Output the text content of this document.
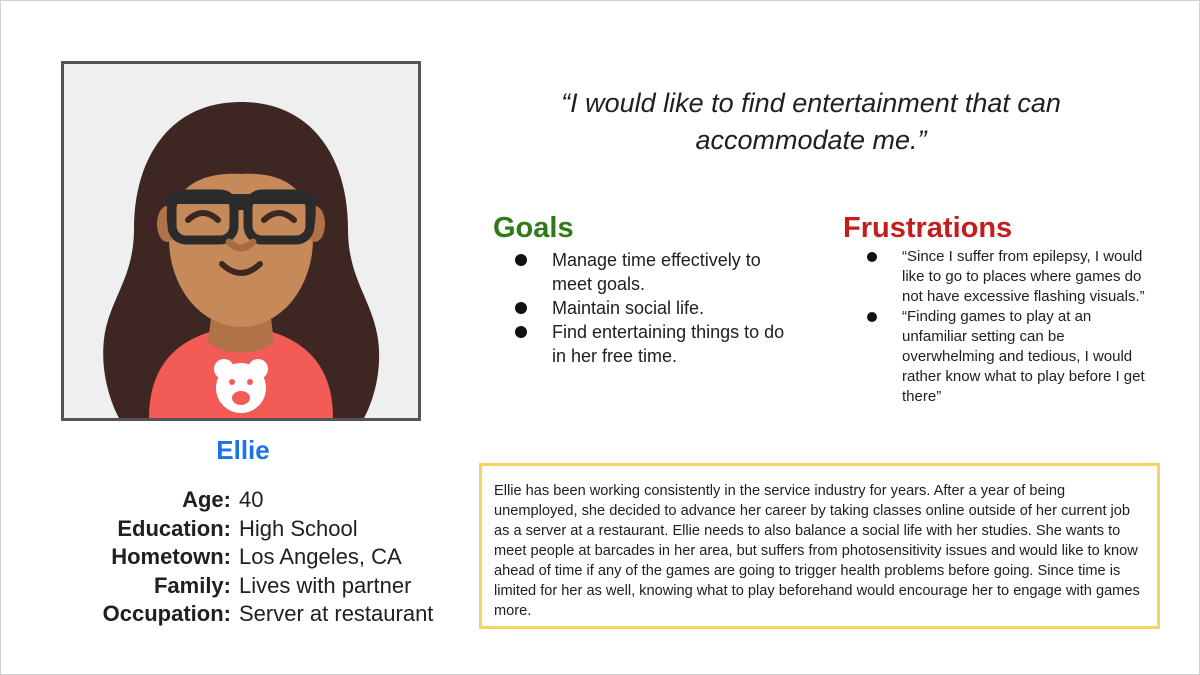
Ellie
Age:	40
Education:	High School
Hometown:	Los Angeles, CA
Family:	Lives with partner
Occupation:	Server at restaurant
“I would like to find entertainment that can accommodate me.”
Goals
Manage time effectively to meet goals.
Maintain social life.
Find entertaining things to do in her free time.
Frustrations
“Since I suffer from epilepsy, I would like to go to places where games do not have excessive flashing visuals.”
“Finding games to play at an unfamiliar setting can be overwhelming and tedious, I would rather know what to play before I get there”
Ellie has been working consistently in the service industry for years. After a year of being unemployed, she decided to advance her career by taking classes online outside of her current job as a server at a restaurant. Ellie needs to also balance a social life with her studies. She wants to meet people at barcades in her area, but suffers from photosensitivity issues and would like to know ahead of time if any of the games are going to trigger health problems before going. Since time is limited for her as well, knowing what to play beforehand would encourage her to engage with games more.
